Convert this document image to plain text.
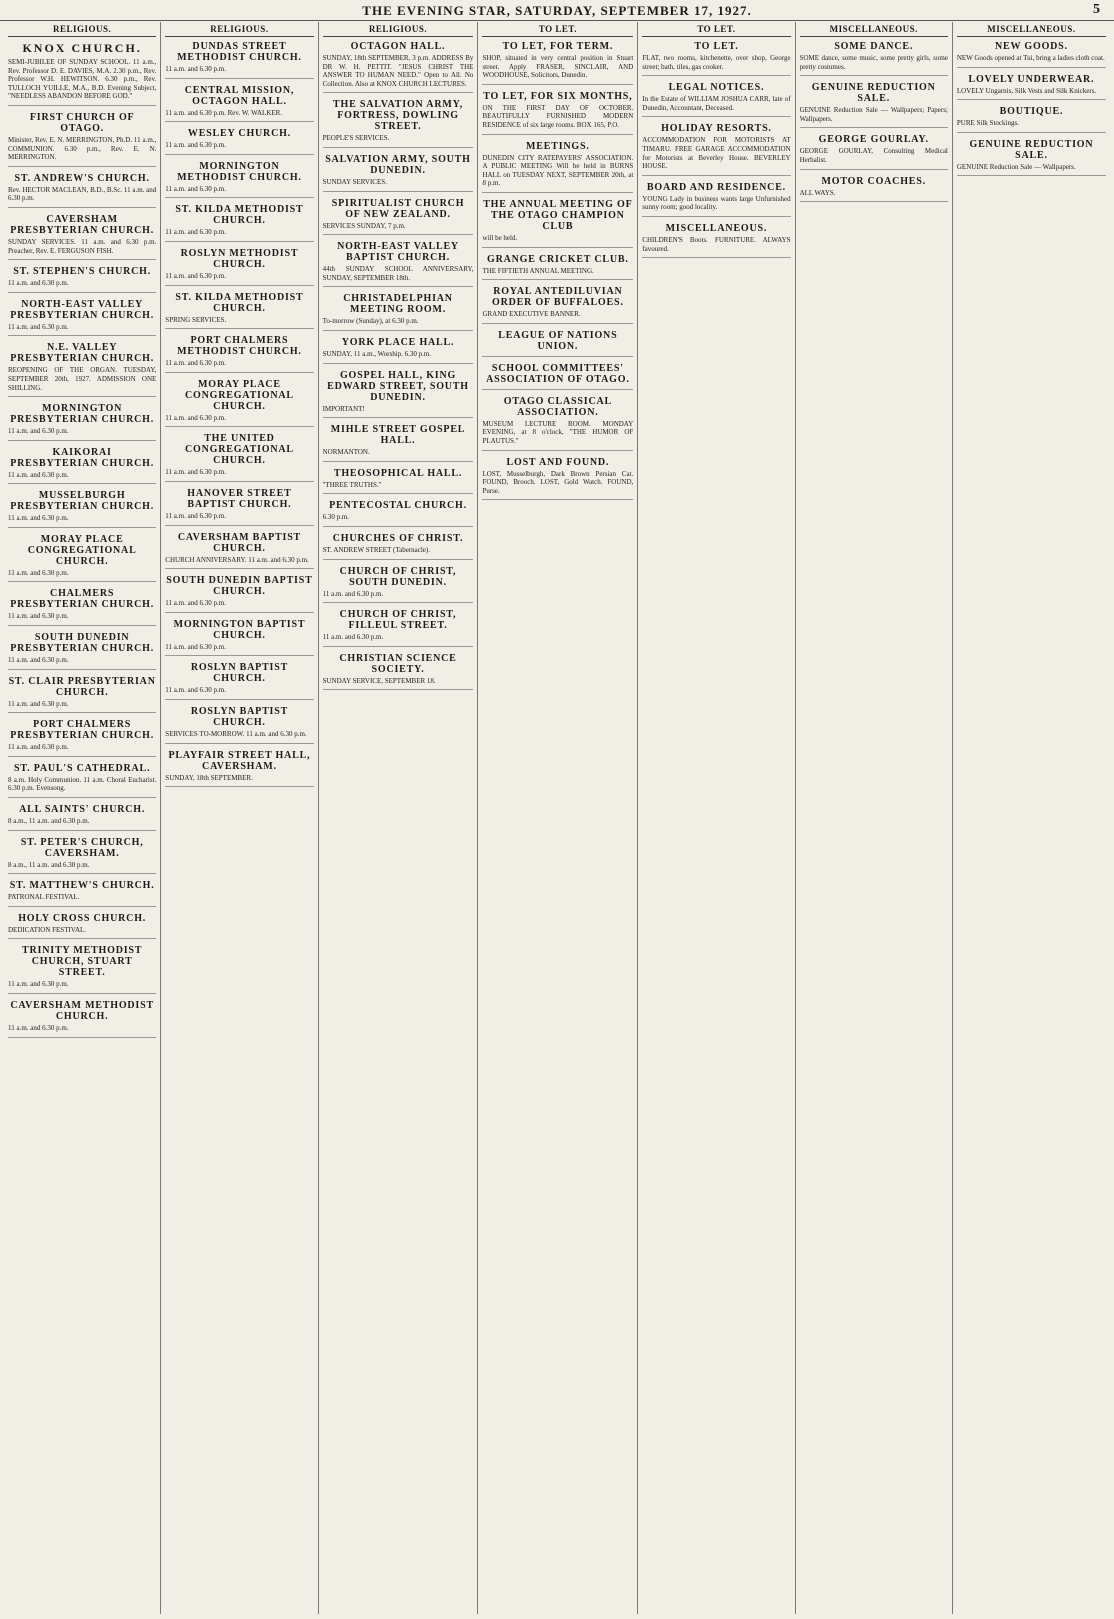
THE EVENING STAR, SATURDAY, SEPTEMBER 17, 1927.	5
RELIGIOUS.
KNOX CHURCH.
SEMI-JUBILEE OF SUNDAY SCHOOL. 11 a.m., Rev. Professor D. E. DAVIES, M.A. 2.30 p.m., Rev. Professor W.H. HEWITSON. 6.30 p.m., Rev. TULLOCH YUILLE, M.A., B.D. Evening Subject, "NEEDLESS ABANDON BEFORE GOD."
FIRST CHURCH OF OTAGO.
Minister, Rev. E. N. MERRINGTON, Ph.D. 11 a.m., COMMUNION. 6.30 p.m., Rev. E. N. MERRINGTON.
ST. ANDREW'S CHURCH.
Rev. HECTOR MACLEAN, B.D., B.Sc. 11 a.m. and 6.30 p.m.
CAVERSHAM PRESBYTERIAN CHURCH.
SUNDAY SERVICES. 11 a.m. and 6.30 p.m. Preacher, Rev. E. FERGUSON FISH.
ST. STEPHEN'S CHURCH.
11 a.m. and 6.30 p.m.
NORTH-EAST VALLEY PRESBYTERIAN CHURCH.
11 a.m. and 6.30 p.m.
N.E. VALLEY PRESBYTERIAN CHURCH.
REOPENING OF THE ORGAN. TUESDAY, SEPTEMBER 20th, 1927. ADMISSION ONE SHILLING.
MORNINGTON PRESBYTERIAN CHURCH.
11 a.m. and 6.30 p.m.
KAIKORAI PRESBYTERIAN CHURCH.
11 a.m. and 6.30 p.m.
MUSSELBURGH PRESBYTERIAN CHURCH.
11 a.m. and 6.30 p.m.
MORAY PLACE CONGREGATIONAL CHURCH.
11 a.m. and 6.30 p.m.
CHALMERS PRESBYTERIAN CHURCH.
11 a.m. and 6.30 p.m.
SOUTH DUNEDIN PRESBYTERIAN CHURCH.
11 a.m. and 6.30 p.m.
ST. CLAIR PRESBYTERIAN CHURCH.
11 a.m. and 6.30 p.m.
PORT CHALMERS PRESBYTERIAN CHURCH.
11 a.m. and 6.30 p.m.
ST. PAUL'S CATHEDRAL.
8 a.m. Holy Communion. 11 a.m. Choral Eucharist. 6.30 p.m. Evensong.
ALL SAINTS' CHURCH.
8 a.m., 11 a.m. and 6.30 p.m.
ST. PETER'S CHURCH, CAVERSHAM.
8 a.m., 11 a.m. and 6.30 p.m.
ST. MATTHEW'S CHURCH.
PATRONAL FESTIVAL.
HOLY CROSS CHURCH.
DEDICATION FESTIVAL.
TRINITY METHODIST CHURCH, STUART STREET.
11 a.m. and 6.30 p.m.
CAVERSHAM METHODIST CHURCH.
11 a.m. and 6.30 p.m.
RELIGIOUS.
DUNDAS STREET METHODIST CHURCH.
11 a.m. and 6.30 p.m.
CENTRAL MISSION, OCTAGON HALL.
11 a.m. and 6.30 p.m. Rev. W. WALKER.
WESLEY CHURCH.
11 a.m. and 6.30 p.m.
MORNINGTON METHODIST CHURCH.
11 a.m. and 6.30 p.m.
ST. KILDA METHODIST CHURCH.
11 a.m. and 6.30 p.m.
ROSLYN METHODIST CHURCH.
11 a.m. and 6.30 p.m.
ST. KILDA METHODIST CHURCH.
SPRING SERVICES.
PORT CHALMERS METHODIST CHURCH.
11 a.m. and 6.30 p.m.
MORAY PLACE CONGREGATIONAL CHURCH.
11 a.m. and 6.30 p.m.
THE UNITED CONGREGATIONAL CHURCH.
11 a.m. and 6.30 p.m.
HANOVER STREET BAPTIST CHURCH.
11 a.m. and 6.30 p.m.
CAVERSHAM BAPTIST CHURCH.
CHURCH ANNIVERSARY. 11 a.m. and 6.30 p.m.
SOUTH DUNEDIN BAPTIST CHURCH.
11 a.m. and 6.30 p.m.
MORNINGTON BAPTIST CHURCH.
11 a.m. and 6.30 p.m.
ROSLYN BAPTIST CHURCH.
11 a.m. and 6.30 p.m.
ROSLYN BAPTIST CHURCH.
SERVICES TO-MORROW. 11 a.m. and 6.30 p.m.
PLAYFAIR STREET HALL, CAVERSHAM.
SUNDAY, 18th SEPTEMBER.
RELIGIOUS.
OCTAGON HALL.
SUNDAY, 18th SEPTEMBER, 3 p.m. ADDRESS By DR W. H. PETTIT. "JESUS CHRIST THE ANSWER TO HUMAN NEED." Open to All. No Collection. Also at KNOX CHURCH LECTURES.
THE SALVATION ARMY, FORTRESS, DOWLING STREET.
PEOPLE'S SERVICES.
SALVATION ARMY, SOUTH DUNEDIN.
SUNDAY SERVICES.
SPIRITUALIST CHURCH OF NEW ZEALAND.
SERVICES SUNDAY, 7 p.m.
NORTH-EAST VALLEY BAPTIST CHURCH.
44th SUNDAY SCHOOL ANNIVERSARY, SUNDAY, SEPTEMBER 18th.
CHRISTADELPHIAN MEETING ROOM.
To-morrow (Sunday), at 6.30 p.m.
YORK PLACE HALL.
SUNDAY, 11 a.m., Worship. 6.30 p.m.
GOSPEL HALL, KING EDWARD STREET, SOUTH DUNEDIN.
IMPORTANT!
MIHLE STREET GOSPEL HALL.
NORMANTON.
THEOSOPHICAL HALL.
"THREE TRUTHS."
PENTECOSTAL CHURCH.
6.30 p.m.
CHURCHES OF CHRIST.
ST. ANDREW STREET (Tabernacle).
CHURCH OF CHRIST, SOUTH DUNEDIN.
11 a.m. and 6.30 p.m.
CHURCH OF CHRIST, FILLEUL STREET.
11 a.m. and 6.30 p.m.
CHRISTIAN SCIENCE SOCIETY.
SUNDAY SERVICE, SEPTEMBER 18.
TO LET.
TO LET, FOR TERM.
SHOP, situated in very central position in Stuart street. Apply FRASER, SINCLAIR, AND WOODHOUSE, Solicitors, Dunedin.
TO LET, FOR SIX MONTHS,
ON THE FIRST DAY OF OCTOBER. BEAUTIFULLY FURNISHED MODERN RESIDENCE of six large rooms. BOX 165, P.O.
MEETINGS.
DUNEDIN CITY RATEPAYERS' ASSOCIATION. A PUBLIC MEETING Will be held in BURNS HALL on TUESDAY NEXT, SEPTEMBER 20th, at 8 p.m.
THE ANNUAL MEETING OF THE OTAGO CHAMPION CLUB
will be held.
GRANGE CRICKET CLUB.
THE FIFTIETH ANNUAL MEETING.
ROYAL ANTEDILUVIAN ORDER OF BUFFALOES.
GRAND EXECUTIVE BANNER.
LEAGUE OF NATIONS UNION.
SCHOOL COMMITTEES' ASSOCIATION OF OTAGO.
OTAGO CLASSICAL ASSOCIATION.
MUSEUM LECTURE ROOM. MONDAY EVENING, at 8 o'clock, "THE HUMOR OF PLAUTUS."
LOST AND FOUND.
LOST, Musselburgh, Dark Brown Persian Cat. FOUND, Brooch. LOST, Gold Watch. FOUND, Purse.
TO LET.
TO LET.
FLAT, two rooms, kitchenette, over shop, George street; bath, tiles, gas cooker.
LEGAL NOTICES.
In the Estate of WILLIAM JOSHUA CARR, late of Dunedin, Accountant, Deceased.
HOLIDAY RESORTS.
ACCOMMODATION FOR MOTORISTS AT TIMARU. FREE GARAGE ACCOMMODATION for Motorists at Beverley House. BEVERLEY HOUSE.
BOARD AND RESIDENCE.
YOUNG Lady in business wants large Unfurnished sunny room; good locality.
MISCELLANEOUS.
CHILDREN'S Boots. FURNITURE. ALWAYS favoured.
MISCELLANEOUS.
SOME DANCE.
SOME dance, some music, some pretty girls, some pretty costumes.
GENUINE REDUCTION SALE.
GENUINE Reduction Sale — Wallpapers; Papers; Wallpapers.
GEORGE GOURLAY.
GEORGE GOURLAY, Consulting Medical Herbalist.
MOTOR COACHES.
ALL WAYS.
MISCELLANEOUS.
NEW GOODS.
NEW Goods opened at Tui, bring a ladies cloth coat.
LOVELY UNDERWEAR.
LOVELY Ungarnis, Silk Vests and Silk Knickers.
BOUTIQUE.
PURE Silk Stockings.
GENUINE REDUCTION SALE.
GENUINE Reduction Sale — Wallpapers.
